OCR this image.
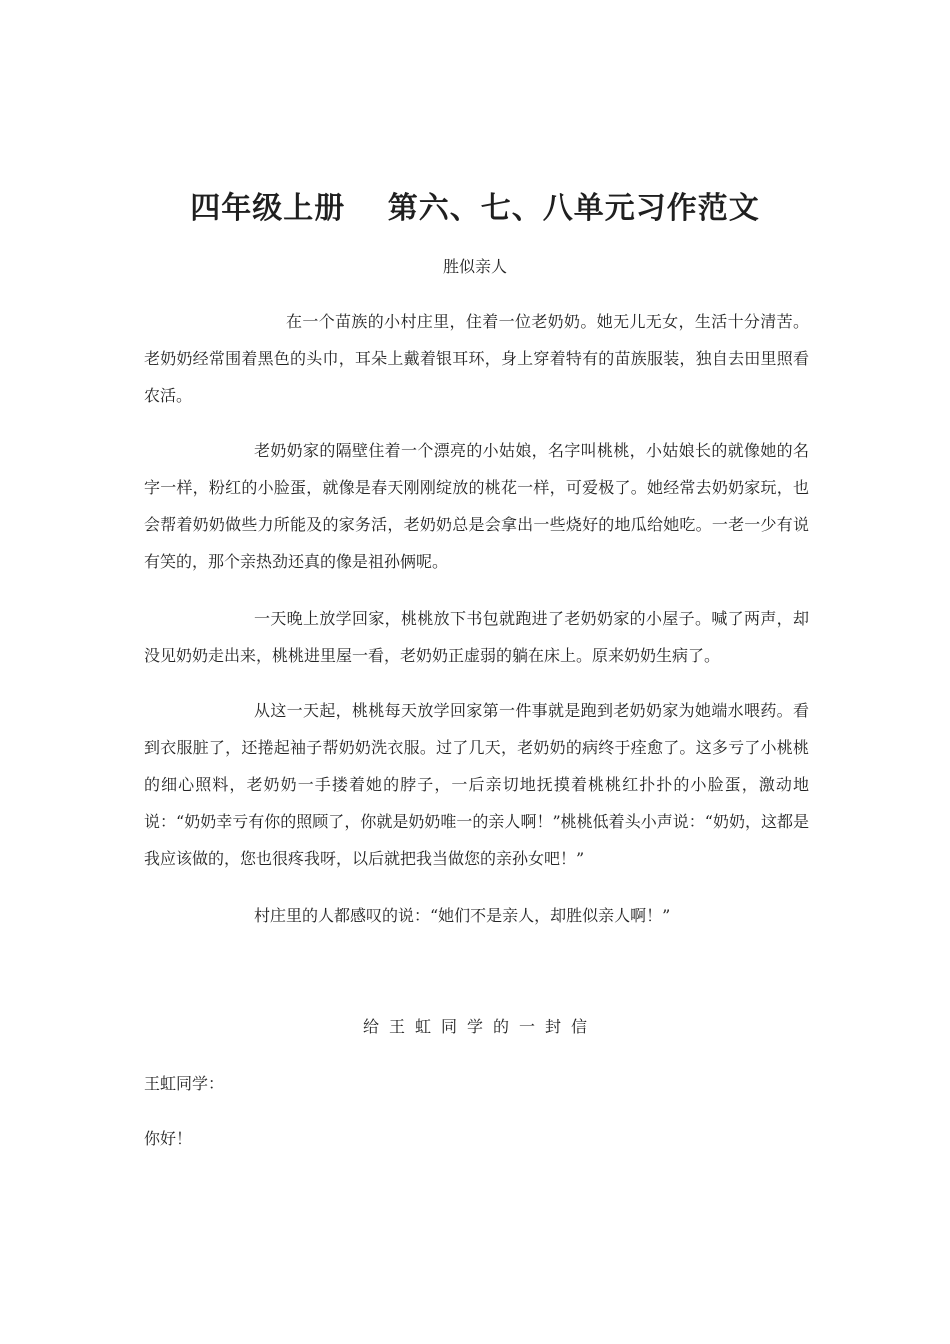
四年级上册　 第六、七、八单元习作范文
胜似亲人

在一个苗族的小村庄里，住着一位老奶奶。她无儿无女，生活十分清苦。老奶奶经常围着黑色的头巾，耳朵上戴着银耳环，身上穿着特有的苗族服装，独自去田里照看农活。

老奶奶家的隔壁住着一个漂亮的小姑娘，名字叫桃桃，小姑娘长的就像她的名字一样，粉红的小脸蛋，就像是春天刚刚绽放的桃花一样，可爱极了。她经常去奶奶家玩，也会帮着奶奶做些力所能及的家务活，老奶奶总是会拿出一些烧好的地瓜给她吃。一老一少有说有笑的，那个亲热劲还真的像是祖孙俩呢。

一天晚上放学回家，桃桃放下书包就跑进了老奶奶家的小屋子。喊了两声，却没见奶奶走出来，桃桃进里屋一看，老奶奶正虚弱的躺在床上。原来奶奶生病了。

从这一天起，桃桃每天放学回家第一件事就是跑到老奶奶家为她端水喂药。看到衣服脏了，还捲起袖子帮奶奶洗衣服。过了几天，老奶奶的病终于痊愈了。这多亏了小桃桃的细心照料，老奶奶一手搂着她的脖子，一后亲切地抚摸着桃桃红扑扑的小脸蛋，激动地说：“奶奶幸亏有你的照顾了，你就是奶奶唯一的亲人啊！”桃桃低着头小声说：“奶奶，这都是我应该做的，您也很疼我呀，以后就把我当做您的亲孙女吧！”

村庄里的人都感叹的说：“她们不是亲人，却胜似亲人啊！”

给王虹同学的一封信
王虹同学：
你好！
